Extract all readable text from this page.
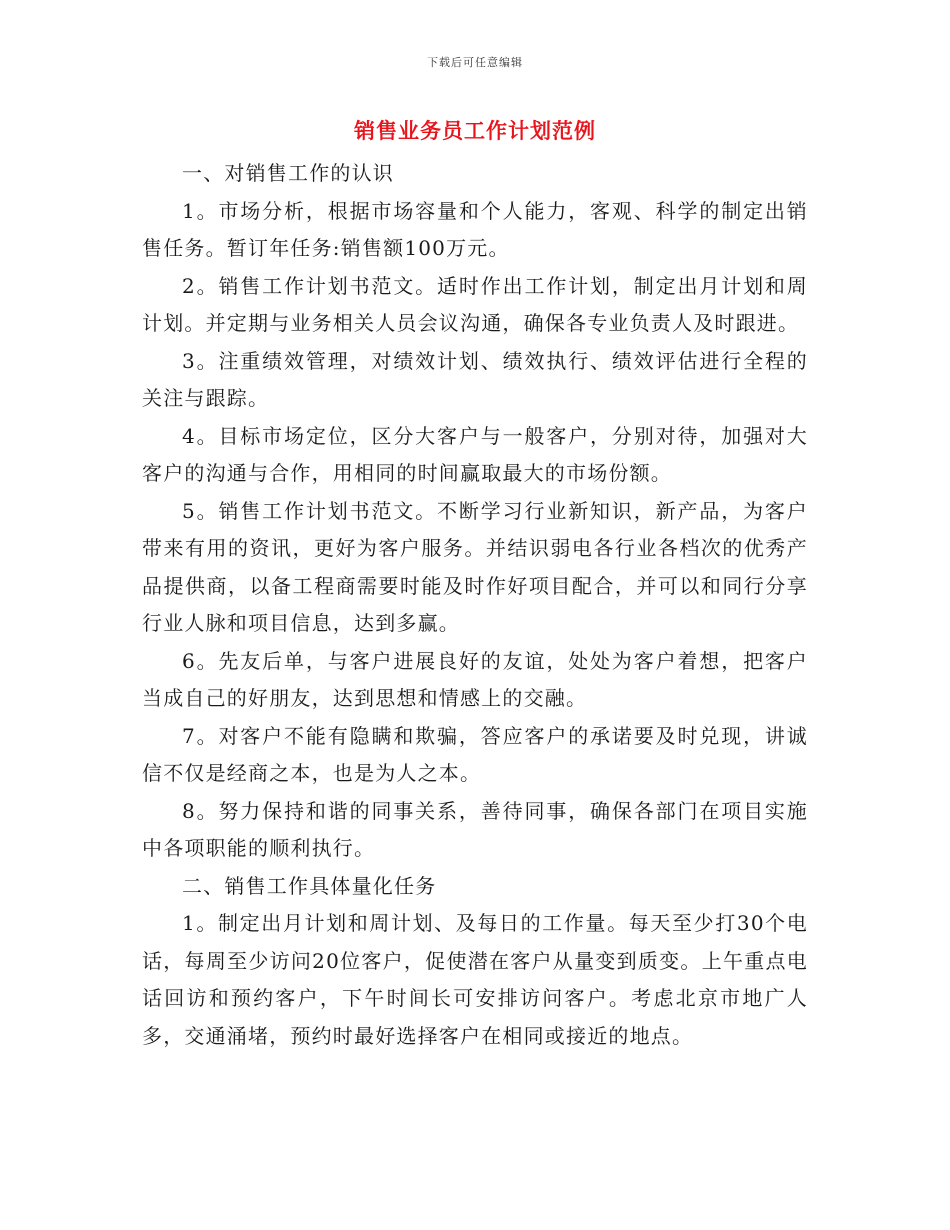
下载后可任意编辑
销售业务员工作计划范例

一、对销售工作的认识

1。市场分析，根据市场容量和个人能力，客观、科学的制定出销售任务。暂订年任务:销售额100万元。

2。销售工作计划书范文。适时作出工作计划，制定出月计划和周计划。并定期与业务相关人员会议沟通，确保各专业负责人及时跟进。

3。注重绩效管理，对绩效计划、绩效执行、绩效评估进行全程的关注与跟踪。

4。目标市场定位，区分大客户与一般客户，分别对待，加强对大客户的沟通与合作，用相同的时间赢取最大的市场份额。

5。销售工作计划书范文。不断学习行业新知识，新产品，为客户带来有用的资讯，更好为客户服务。并结识弱电各行业各档次的优秀产品提供商，以备工程商需要时能及时作好项目配合，并可以和同行分享行业人脉和项目信息，达到多赢。

6。先友后单，与客户进展良好的友谊，处处为客户着想，把客户当成自己的好朋友，达到思想和情感上的交融。

7。对客户不能有隐瞒和欺骗，答应客户的承诺要及时兑现，讲诚信不仅是经商之本，也是为人之本。

8。努力保持和谐的同事关系，善待同事，确保各部门在项目实施中各项职能的顺利执行。

二、销售工作具体量化任务

1。制定出月计划和周计划、及每日的工作量。每天至少打30个电话，每周至少访问20位客户，促使潜在客户从量变到质变。上午重点电话回访和预约客户，下午时间长可安排访问客户。考虑北京市地广人多，交通涌堵，预约时最好选择客户在相同或接近的地点。
